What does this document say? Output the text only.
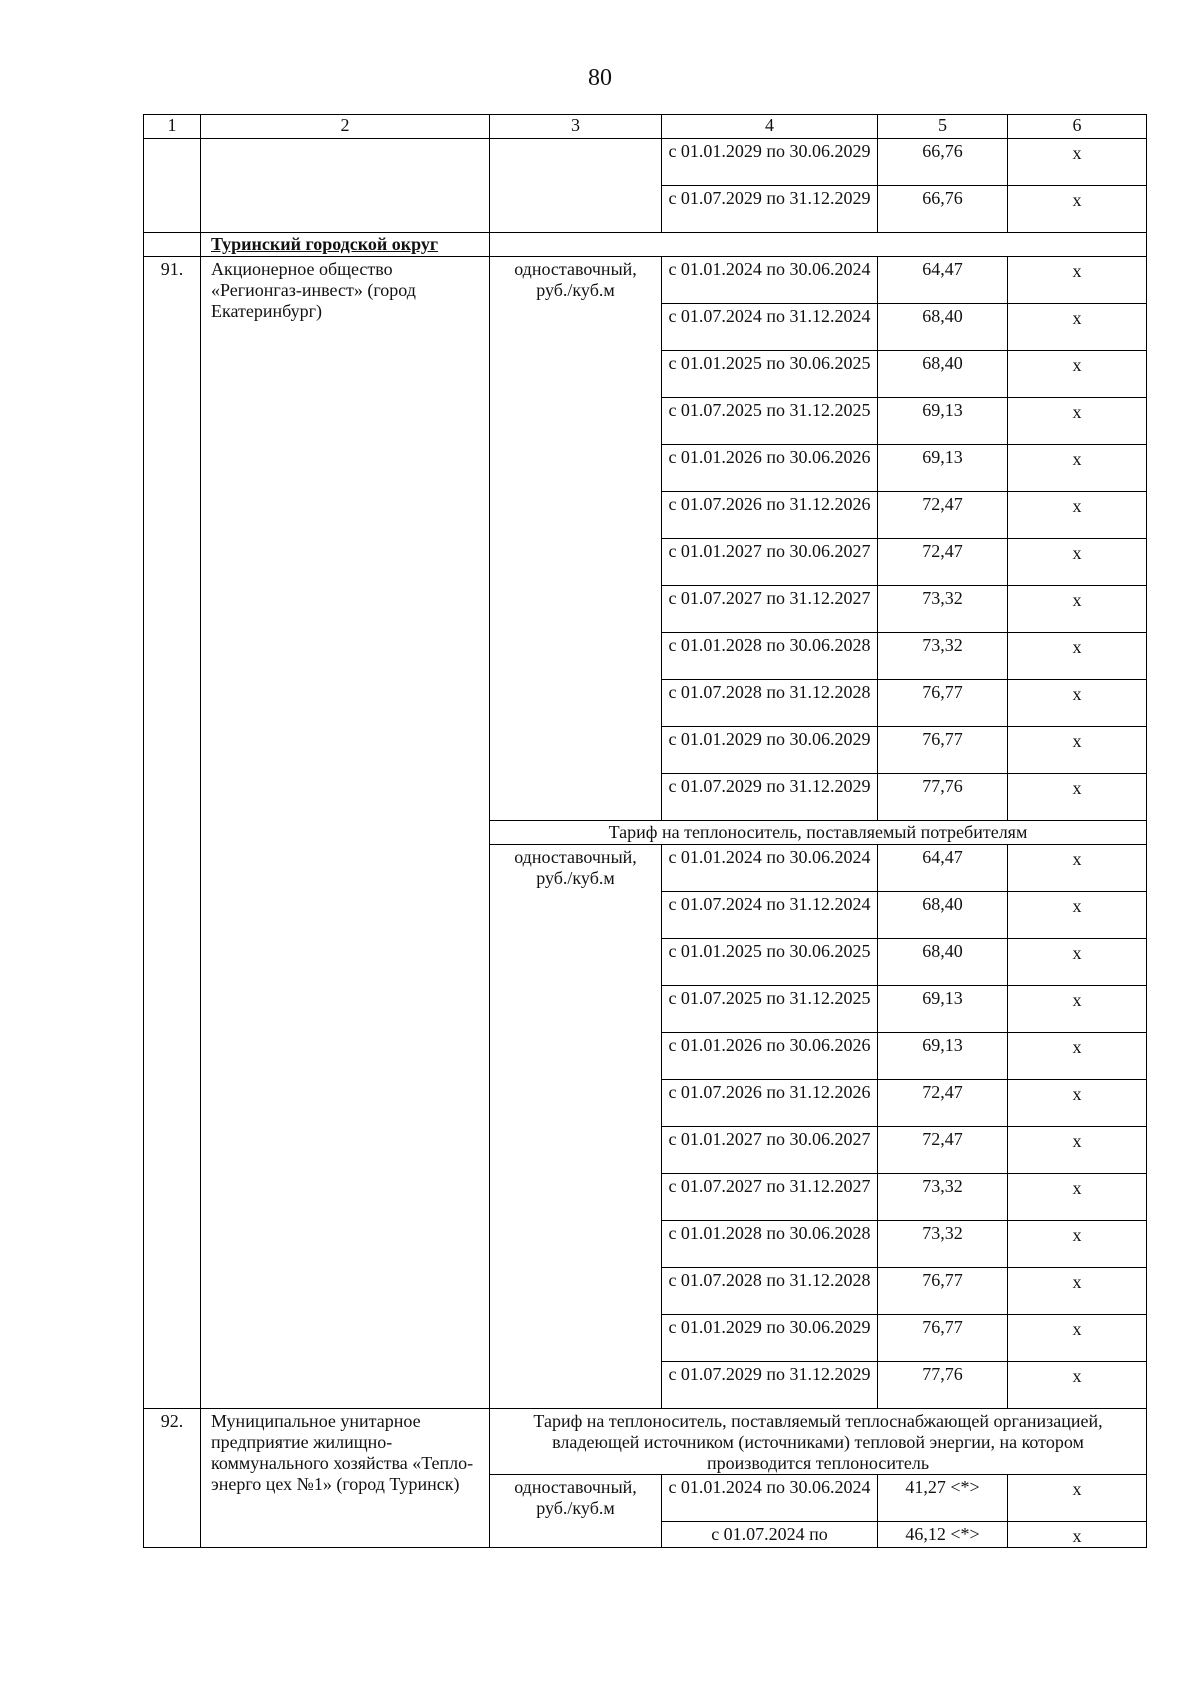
80
1	2	3	4	5	6
			с 01.01.2029 по 30.06.2029	66,76	х
			с 01.07.2029 по 31.12.2029	66,76	х
	Туринский городской округ				
91.	Акционерное общество «Регионгаз-инвест» (город Екатеринбург)	одноставочный, руб./куб.м	с 01.01.2024 по 30.06.2024	64,47	х
			с 01.07.2024 по 31.12.2024	68,40	х
			с 01.01.2025 по 30.06.2025	68,40	х
			с 01.07.2025 по 31.12.2025	69,13	х
			с 01.01.2026 по 30.06.2026	69,13	х
			с 01.07.2026 по 31.12.2026	72,47	х
			с 01.01.2027 по 30.06.2027	72,47	х
			с 01.07.2027 по 31.12.2027	73,32	х
			с 01.01.2028 по 30.06.2028	73,32	х
			с 01.07.2028 по 31.12.2028	76,77	х
			с 01.01.2029 по 30.06.2029	76,77	х
			с 01.07.2029 по 31.12.2029	77,76	х
		Тариф на теплоноситель, поставляемый потребителям			
		одноставочный, руб./куб.м	с 01.01.2024 по 30.06.2024	64,47	х
			с 01.07.2024 по 31.12.2024	68,40	х
			с 01.01.2025 по 30.06.2025	68,40	х
			с 01.07.2025 по 31.12.2025	69,13	х
			с 01.01.2026 по 30.06.2026	69,13	х
			с 01.07.2026 по 31.12.2026	72,47	х
			с 01.01.2027 по 30.06.2027	72,47	х
			с 01.07.2027 по 31.12.2027	73,32	х
			с 01.01.2028 по 30.06.2028	73,32	х
			с 01.07.2028 по 31.12.2028	76,77	х
			с 01.01.2029 по 30.06.2029	76,77	х
			с 01.07.2029 по 31.12.2029	77,76	х
92.	Муниципальное унитарное предприятие жилищно-коммунального хозяйства «Тепло-энерго цех №1» (город Туринск)	Тариф на теплоноситель, поставляемый теплоснабжающей организацией, владеющей источником (источниками) тепловой энергии, на котором производится теплоноситель			
		одноставочный, руб./куб.м	с 01.01.2024 по 30.06.2024	41,27 <*>	х
			с 01.07.2024 по	46,12 <*>	х
